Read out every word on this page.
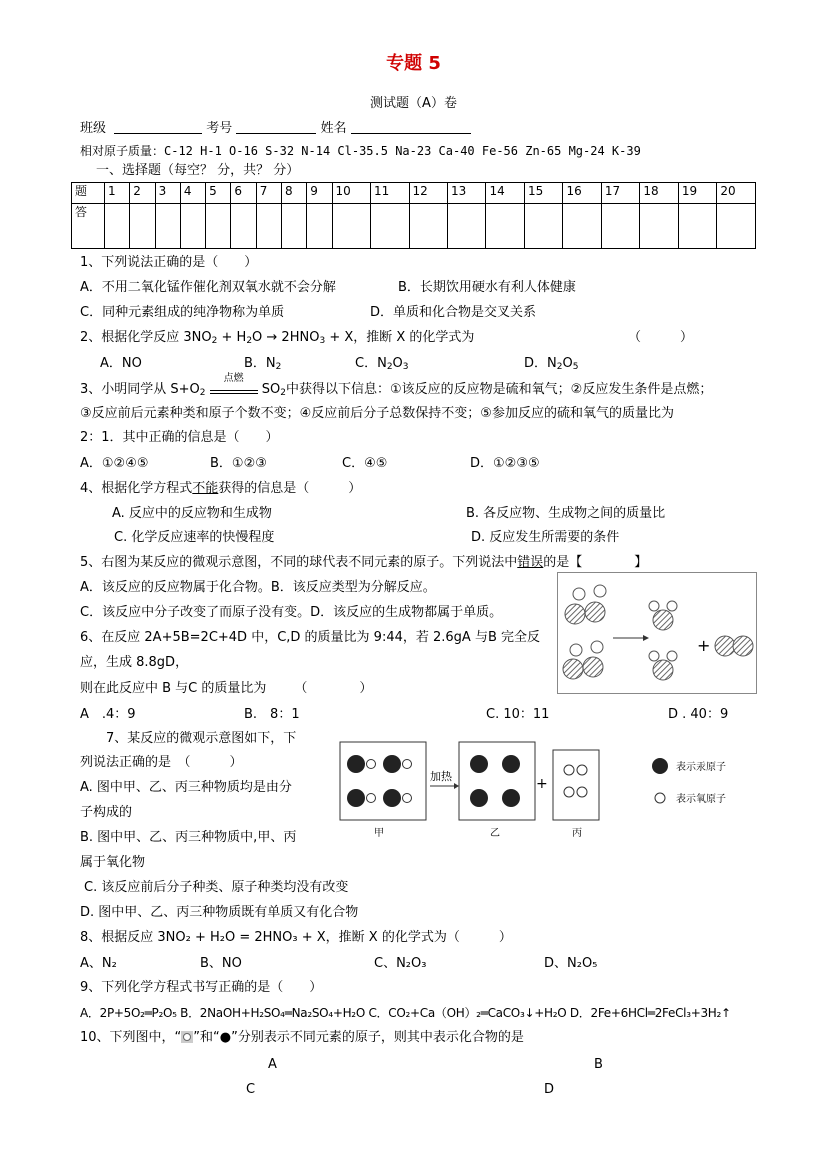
专题 5
测试题（A）卷
班级	考号	姓名
相对原子质量：C-12 H-1 O-16 S-32 N-14 Cl-35.5 Na-23 Ca-40 Fe-56 Zn-65 Mg-24 K-39
一、选择题（每空？ 分，共？ 分）
题	1	2	3	4	5	6	7	8	9	10	11	12	13	14	15	16	17	18	19	20
答																				
1、下列说法正确的是（　　）
A．不用二氧化锰作催化剂双氧水就不会分解	B．长期饮用硬水有利人体健康
C．同种元素组成的纯净物称为单质	D．单质和化合物是交叉关系
2、根据化学反应 $3NO_2 + H_2O \to 2HNO_3 + X$，推断 X 的化学式为	（　　　）
A．NO	B．$N_2$	C．$N_2O_3$	D．$N_2O_5$
3、小明同学从 $S+O_2$
点燃
$SO_2$中获得以下信息：①该反应的反应物是硫和氧气；②反应发生条件是点燃；
③反应前后元素种类和原子个数不变；④反应前后分子总数保持不变；⑤参加反应的硫和氧气的质量比为
2：1．其中正确的信息是（　　）
A．①②④⑤	B．①②③	C．④⑤	D．①②③⑤
4、根据化学方程式不能获得的信息是（　　　）
A. 反应中的反应物和生成物	B. 各反应物、生成物之间的质量比
C. 化学反应速率的快慢程度	D. 反应发生所需要的条件
5、右图为某反应的微观示意图，不同的球代表不同元素的原子。下列说法中错误的是【　　　　】
A．该反应的反应物属于化合物。B．该反应类型为分解反应。
C．该反应中分子改变了而原子没有变。D．该反应的生成物都属于单质。
+
6、在反应 2A+5B=2C+4D 中，C,D 的质量比为 9:44，若 2.6gA 与B 完全反
应，生成 8.8gD，
则在此反应中 B 与C 的质量比为 （　　　　）
A　.4：9	B.　8：1	C. 10：11	D . 40：9
7、某反应的微观示意图如下，下
列说法正确的是　（　　　）
A. 图中甲、乙、丙三种物质均是由分
子构成的
B. 图中甲、乙、丙三种物质中,甲、丙
属于氧化物
C. 该反应前后分子种类、原子种类均没有改变
D. 图中甲、乙、丙三种物质既有单质又有化合物
加热	+
表示汞原子
表示氧原子
甲	乙	丙
8、根据反应 3NO₂ + H₂O = 2HNO₃ + X，推断 X 的化学式为（　　　）
A、N₂	B、NO	C、N₂O₃	D、N₂O₅
9、下列化学方程式书写正确的是（　　）
A．2P+5O₂═P₂O₅ B．2NaOH+H₂SO₄═Na₂SO₄+H₂O C．CO₂+Ca（OH）₂═CaCO₃↓+H₂O D．2Fe+6HCl═2FeCl₃+3H₂↑
10、下列图中，“ ”和“●”分别表示不同元素的原子，则其中表示化合物的是
A	B
C	D
